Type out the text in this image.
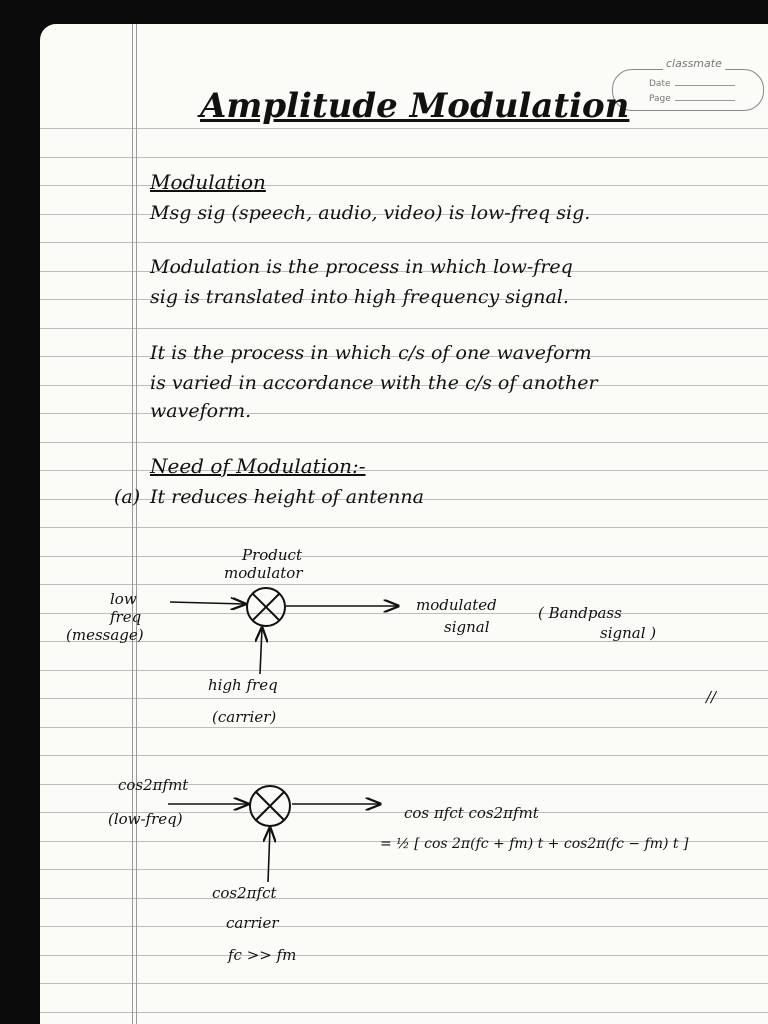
classmate
Date
Page
Amplitude Modulation
Modulation
Msg sig (speech, audio, video) is low-freq sig.
Modulation is the process in which low-freq
sig is translated into high frequency signal.
It is the process in which c/s of one waveform
is varied in accordance with the c/s of another
waveform.
Need of Modulation:-
(a) It reduces height of antenna
Product
modulator
low
freq
(message)
modulated
signal
( Bandpass
signal )
high freq
(carrier)
//
cos2πfmt
(low-freq)	cos πfct cos2πfmt
= ½ [ cos 2π(fc + fm) t + cos2π(fc − fm) t ]
cos2πfct
carrier
fc >> fm
